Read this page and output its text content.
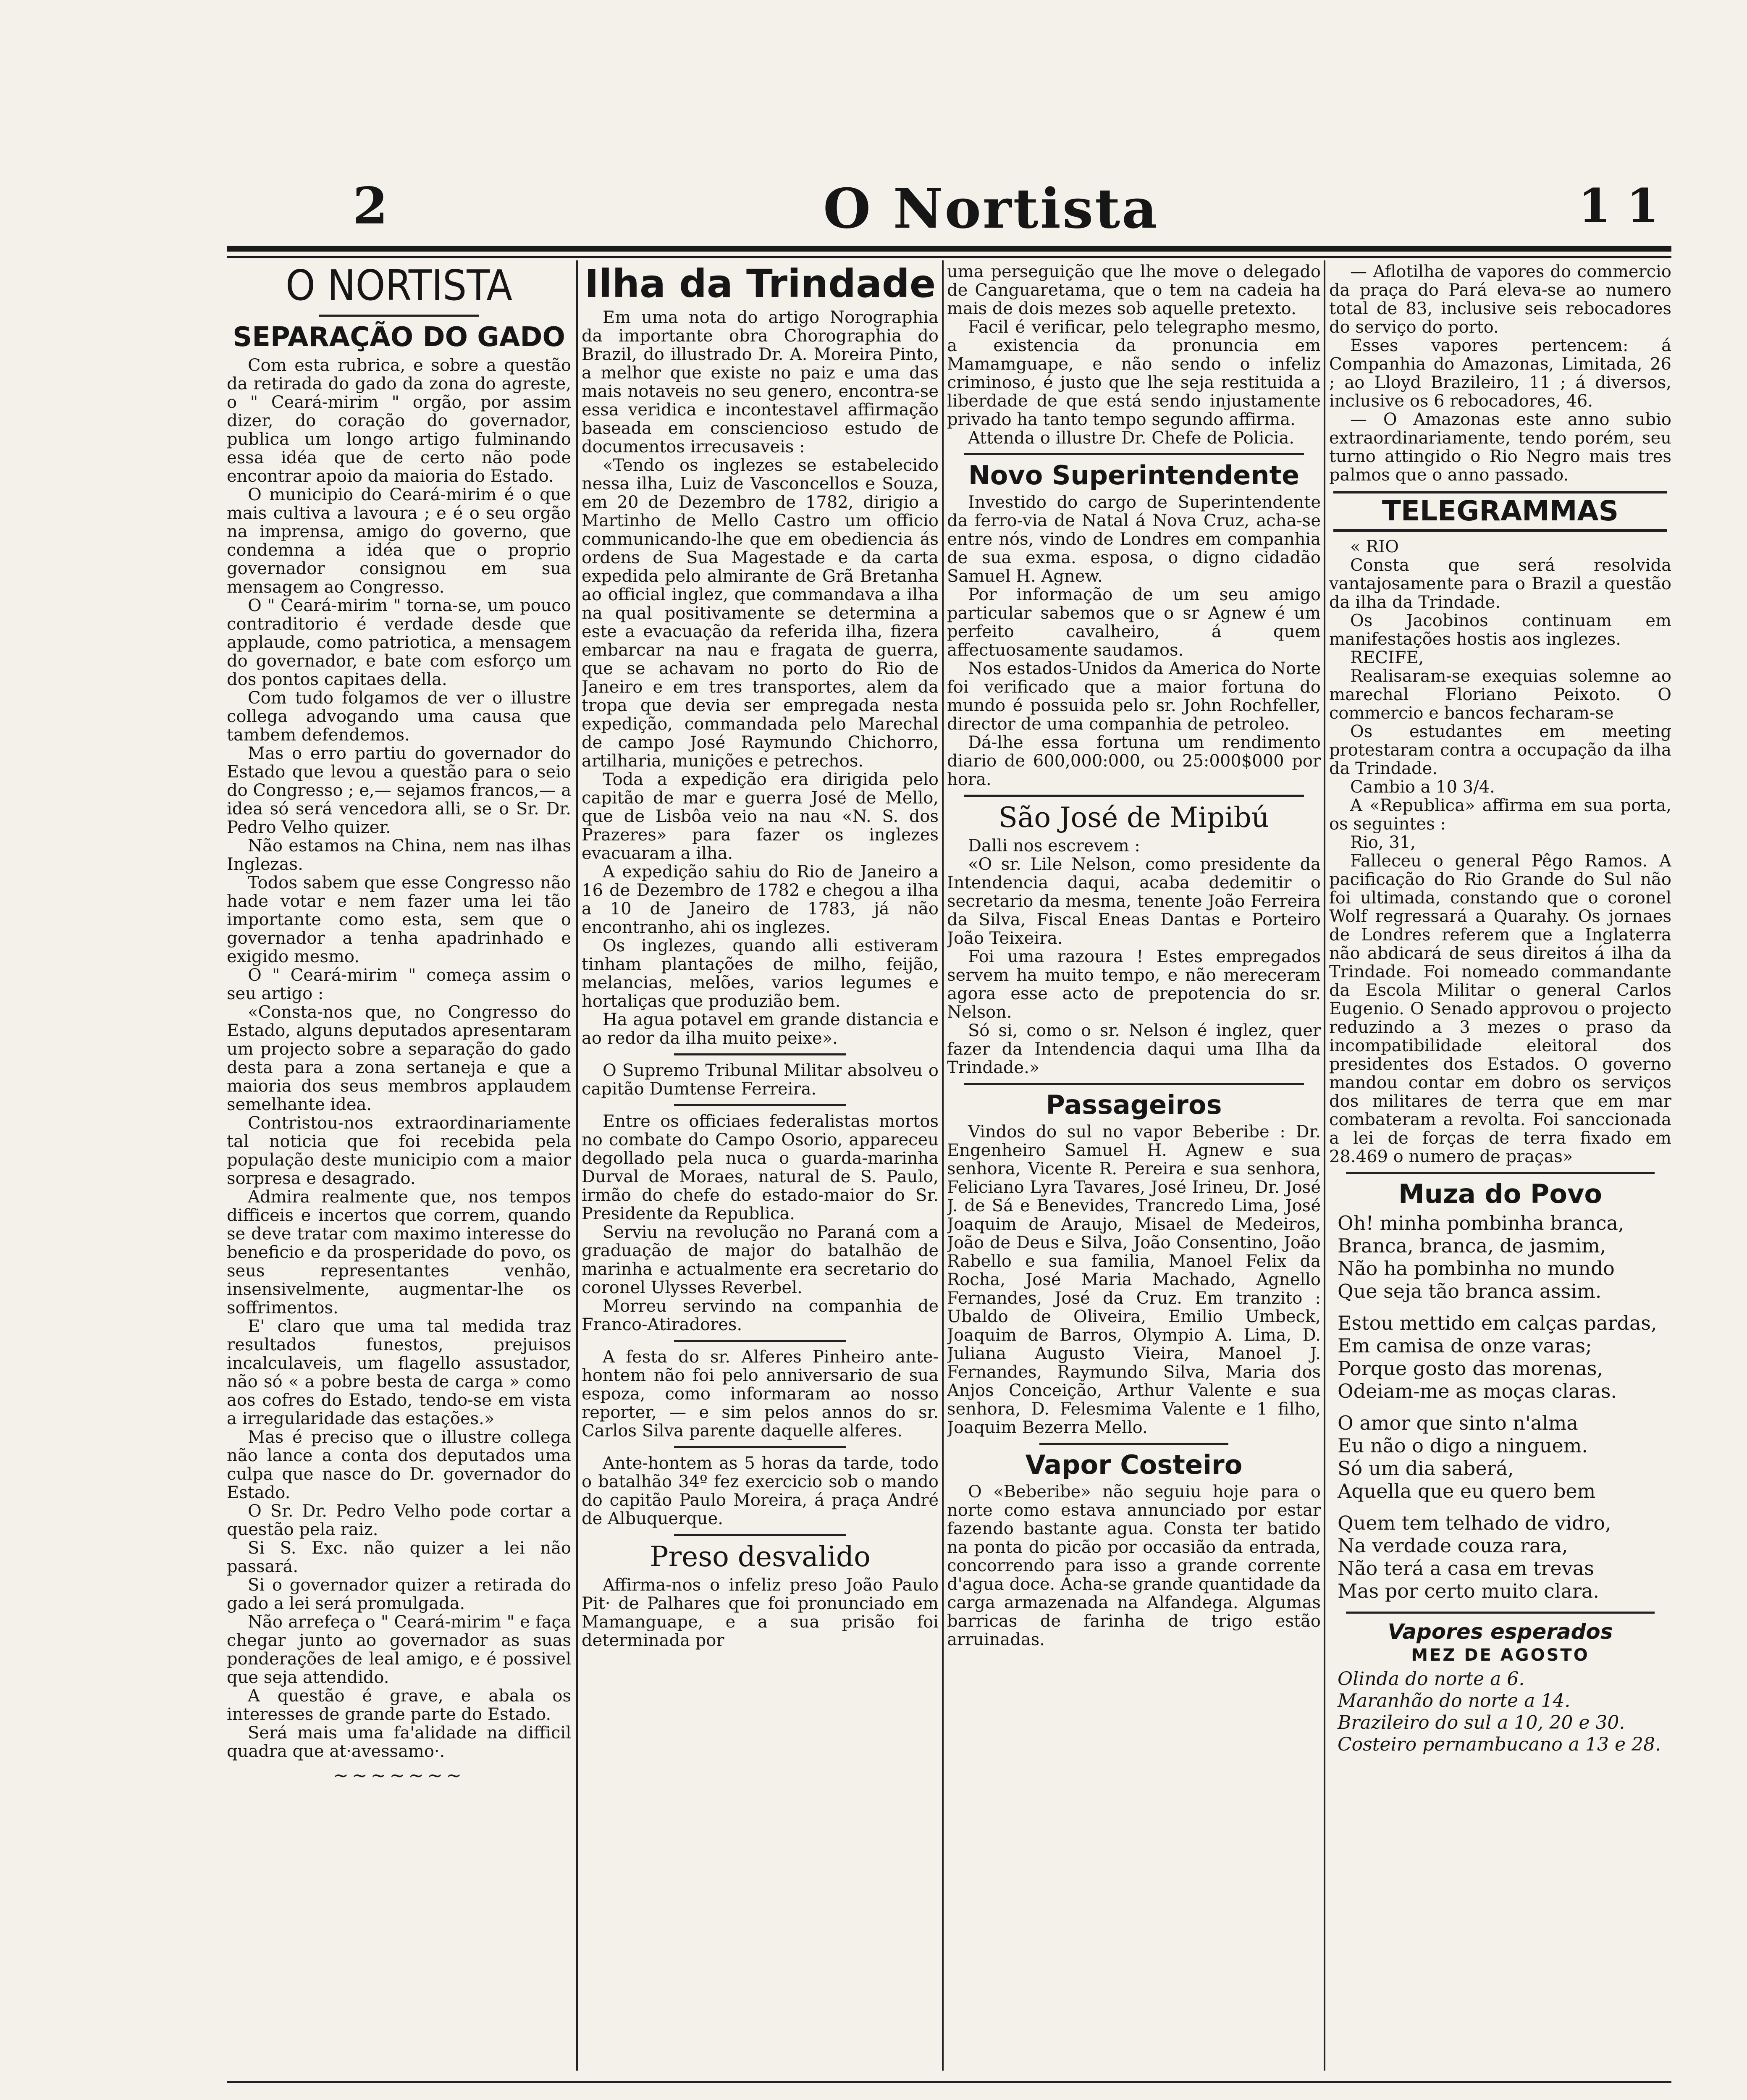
2	O Nortista	1 1
O NORTISTA
SEPARAÇÃO DO GADO

Com esta rubrica, e sobre a questão da retirada do gado da zona do agreste, o " Ceará-mirim " orgão, por assim dizer, do coração do governador, publica um longo artigo fulminando essa idéa que de certo não pode encontrar apoio da maioria do Estado.

O municipio do Ceará-mirim é o que mais cultiva a lavoura ; e é o seu orgão na imprensa, amigo do governo, que condemna a idéa que o proprio governador consignou em sua mensagem ao Congresso.

O " Ceará-mirim " torna-se, um pouco contraditorio é verdade desde que applaude, como patriotica, a mensagem do governador, e bate com esforço um dos pontos capitaes della.

Com tudo folgamos de ver o illustre collega advogando uma causa que tambem defendemos.

Mas o erro partiu do governador do Estado que levou a questão para o seio do Congresso ; e,— sejamos francos,— a idea só será vencedora alli, se o Sr. Dr. Pedro Velho quizer.

Não estamos na China, nem nas ilhas Inglezas.

Todos sabem que esse Congresso não hade votar e nem fazer uma lei tão importante como esta, sem que o governador a tenha apadrinhado e exigido mesmo.

O " Ceará-mirim " começa assim o seu artigo :

«Consta-nos que, no Congresso do Estado, alguns deputados apresentaram um projecto sobre a separação do gado desta para a zona sertaneja e que a maioria dos seus membros applaudem semelhante idea.

Contristou-nos extraordinariamente tal noticia que foi recebida pela população deste municipio com a maior sorpresa e desagrado.

Admira realmente que, nos tempos difficeis e incertos que correm, quando se deve tratar com maximo interesse do beneficio e da prosperidade do povo, os seus representantes venhão, insensivelmente, augmentar-lhe os soffrimentos.

E' claro que uma tal medida traz resultados funestos, prejuisos incalculaveis, um flagello assustador, não só « a pobre besta de carga » como aos cofres do Estado, tendo-se em vista a irregularidade das estações.»

Mas é preciso que o illustre collega não lance a conta dos deputados uma culpa que nasce do Dr. governador do Estado.

O Sr. Dr. Pedro Velho pode cortar a questão pela raiz.

Si S. Exc. não quizer a lei não passará.

Si o governador quizer a retirada do gado a lei será promulgada.

Não arrefeça o " Ceará-mirim " e faça chegar junto ao governador as suas ponderações de leal amigo, e é possivel que seja attendido.

A questão é grave, e abala os interesses de grande parte do Estado.

Será mais uma fa'alidade na difficil quadra que at·avessamo·.

~~~~~~~
Ilha da Trindade

Em uma nota do artigo Norographia da importante obra Chorographia do Brazil, do illustrado Dr. A. Moreira Pinto, a melhor que existe no paiz e uma das mais notaveis no seu genero, encontra-se essa veridica e incontestavel affirmação baseada em consciencioso estudo de documentos irrecusaveis :

«Tendo os inglezes se estabelecido nessa ilha, Luiz de Vasconcellos e Souza, em 20 de Dezembro de 1782, dirigio a Martinho de Mello Castro um officio communicando-lhe que em obediencia ás ordens de Sua Magestade e da carta expedida pelo almirante de Grã Bretanha ao official inglez, que commandava a ilha na qual positivamente se determina a este a evacuação da referida ilha, fizera embarcar na nau e fragata de guerra, que se achavam no porto do Rio de Janeiro e em tres transportes, alem da tropa que devia ser empregada nesta expedição, commandada pelo Marechal de campo José Raymundo Chichorro, artilharia, munições e petrechos.

Toda a expedição era dirigida pelo capitão de mar e guerra José de Mello, que de Lisbôa veio na nau «N. S. dos Prazeres» para fazer os inglezes evacuaram a ilha.

A expedição sahiu do Rio de Janeiro a 16 de Dezembro de 1782 e chegou a ilha a 10 de Janeiro de 1783, já não encontranho, ahi os inglezes.

Os inglezes, quando alli estiveram tinham plantações de milho, feijão, melancias, melões, varios legumes e hortaliças que produzião bem.

Ha agua potavel em grande distancia e ao redor da ilha muito peixe».

O Supremo Tribunal Militar absolveu o capitão Dumtense Ferreira.

Entre os officiaes federalistas mortos no combate do Campo Osorio, appareceu degollado pela nuca o guarda-marinha Durval de Moraes, natural de S. Paulo, irmão do chefe do estado-maior do Sr. Presidente da Republica.

Serviu na revolução no Paraná com a graduação de major do batalhão de marinha e actualmente era secretario do coronel Ulysses Reverbel.

Morreu servindo na companhia de Franco-Atiradores.

A festa do sr. Alferes Pinheiro ante-hontem não foi pelo anniversario de sua espoza, como informaram ao nosso reporter, — e sim pelos annos do sr. Carlos Silva parente daquelle alferes.

Ante-hontem as 5 horas da tarde, todo o batalhão 34º fez exercicio sob o mando do capitão Paulo Moreira, á praça André de Albuquerque.

Preso desvalido

Affirma-nos o infeliz preso João Paulo Pit· de Palhares que foi pronunciado em Mamanguape, e a sua prisão foi determinada por

uma perseguição que lhe move o delegado de Canguaretama, que o tem na cadeia ha mais de dois mezes sob aquelle pretexto.

Facil é verificar, pelo telegrapho mesmo, a existencia da pronuncia em Mamamguape, e não sendo o infeliz criminoso, é justo que lhe seja restituida a liberdade de que está sendo injustamente privado ha tanto tempo segundo affirma.

Attenda o illustre Dr. Chefe de Policia.

Novo Superintendente

Investido do cargo de Superintendente da ferro-via de Natal á Nova Cruz, acha-se entre nós, vindo de Londres em companhia de sua exma. esposa, o digno cidadão Samuel H. Agnew.

Por informação de um seu amigo particular sabemos que o sr Agnew é um perfeito cavalheiro, á quem affectuosamente saudamos.

Nos estados-Unidos da America do Norte foi verificado que a maior fortuna do mundo é possuida pelo sr. John Rochfeller, director de uma companhia de petroleo.

Dá-lhe essa fortuna um rendimento diario de 600,000:000, ou 25:000$000 por hora.

São José de Mipibú

Dalli nos escrevem :

«O sr. Lile Nelson, como presidente da Intendencia daqui, acaba dedemitir o secretario da mesma, tenente João Ferreira da Silva, Fiscal Eneas Dantas e Porteiro João Teixeira.

Foi uma razoura ! Estes empregados servem ha muito tempo, e não mereceram agora esse acto de prepotencia do sr. Nelson.

Só si, como o sr. Nelson é inglez, quer fazer da Intendencia daqui uma Ilha da Trindade.»

Passageiros

Vindos do sul no vapor Beberibe : Dr. Engenheiro Samuel H. Agnew e sua senhora, Vicente R. Pereira e sua senhora, Feliciano Lyra Tavares, José Irineu, Dr. José J. de Sá e Benevides, Trancredo Lima, José Joaquim de Araujo, Misael de Medeiros, João de Deus e Silva, João Consentino, João Rabello e sua familia, Manoel Felix da Rocha, José Maria Machado, Agnello Fernandes, José da Cruz. Em tranzito : Ubaldo de Oliveira, Emilio Umbeck, Joaquim de Barros, Olympio A. Lima, D. Juliana Augusto Vieira, Manoel J. Fernandes, Raymundo Silva, Maria dos Anjos Conceição, Arthur Valente e sua senhora, D. Felesmima Valente e 1 filho, Joaquim Bezerra Mello.

Vapor Costeiro

O «Beberibe» não seguiu hoje para o norte como estava annunciado por estar fazendo bastante agua. Consta ter batido na ponta do picão por occasião da entrada, concorrendo para isso a grande corrente d'agua doce. Acha-se grande quantidade da carga armazenada na Alfandega. Algumas barricas de farinha de trigo estão arruinadas.

— Aflotilha de vapores do commercio da praça do Pará eleva-se ao numero total de 83, inclusive seis rebocadores do serviço do porto.

Esses vapores pertencem: á Companhia do Amazonas, Limitada, 26 ; ao Lloyd Brazileiro, 11 ; á diversos, inclusive os 6 rebocadores, 46.

— O Amazonas este anno subio extraordinariamente, tendo porém, seu turno attingido o Rio Negro mais tres palmos que o anno passado.

TELEGRAMMAS

« RIO

Consta que será resolvida vantajosamente para o Brazil a questão da ilha da Trindade.

Os Jacobinos continuam em manifestações hostis aos inglezes.

RECIFE,

Realisaram-se exequias solemne ao marechal Floriano Peixoto. O commercio e bancos fecharam-se

Os estudantes em meeting protestaram contra a occupação da ilha da Trindade.

Cambio a 10 3/4.

A «Republica» affirma em sua porta, os seguintes :

Rio, 31,

Falleceu o general Pêgo Ramos. A pacificação do Rio Grande do Sul não foi ultimada, constando que o coronel Wolf regressará a Quarahy. Os jornaes de Londres referem que a Inglaterra não abdicará de seus direitos á ilha da Trindade. Foi nomeado commandante da Escola Militar o general Carlos Eugenio. O Senado approvou o projecto reduzindo a 3 mezes o praso da incompatibilidade eleitoral dos presidentes dos Estados. O governo mandou contar em dobro os serviços dos militares de terra que em mar combateram a revolta. Foi sanccionada a lei de forças de terra fixado em 28.469 o numero de praças»

Muza do Povo
Oh! minha pombinha branca,
Branca, branca, de jasmim,
Não ha pombinha no mundo
Que seja tão branca assim.
Estou mettido em calças pardas,
Em camisa de onze varas;
Porque gosto das morenas,
Odeiam-me as moças claras.
O amor que sinto n'alma
Eu não o digo a ninguem.
Só um dia saberá,
Aquella que eu quero bem
Quem tem telhado de vidro,
Na verdade couza rara,
Não terá a casa em trevas
Mas por certo muito clara.
Vapores esperados
MEZ DE AGOSTO
Olinda do norte a 6.
Maranhão do norte a 14.
Brazileiro do sul a 10, 20 e 30.
Costeiro pernambucano a 13 e 28.
